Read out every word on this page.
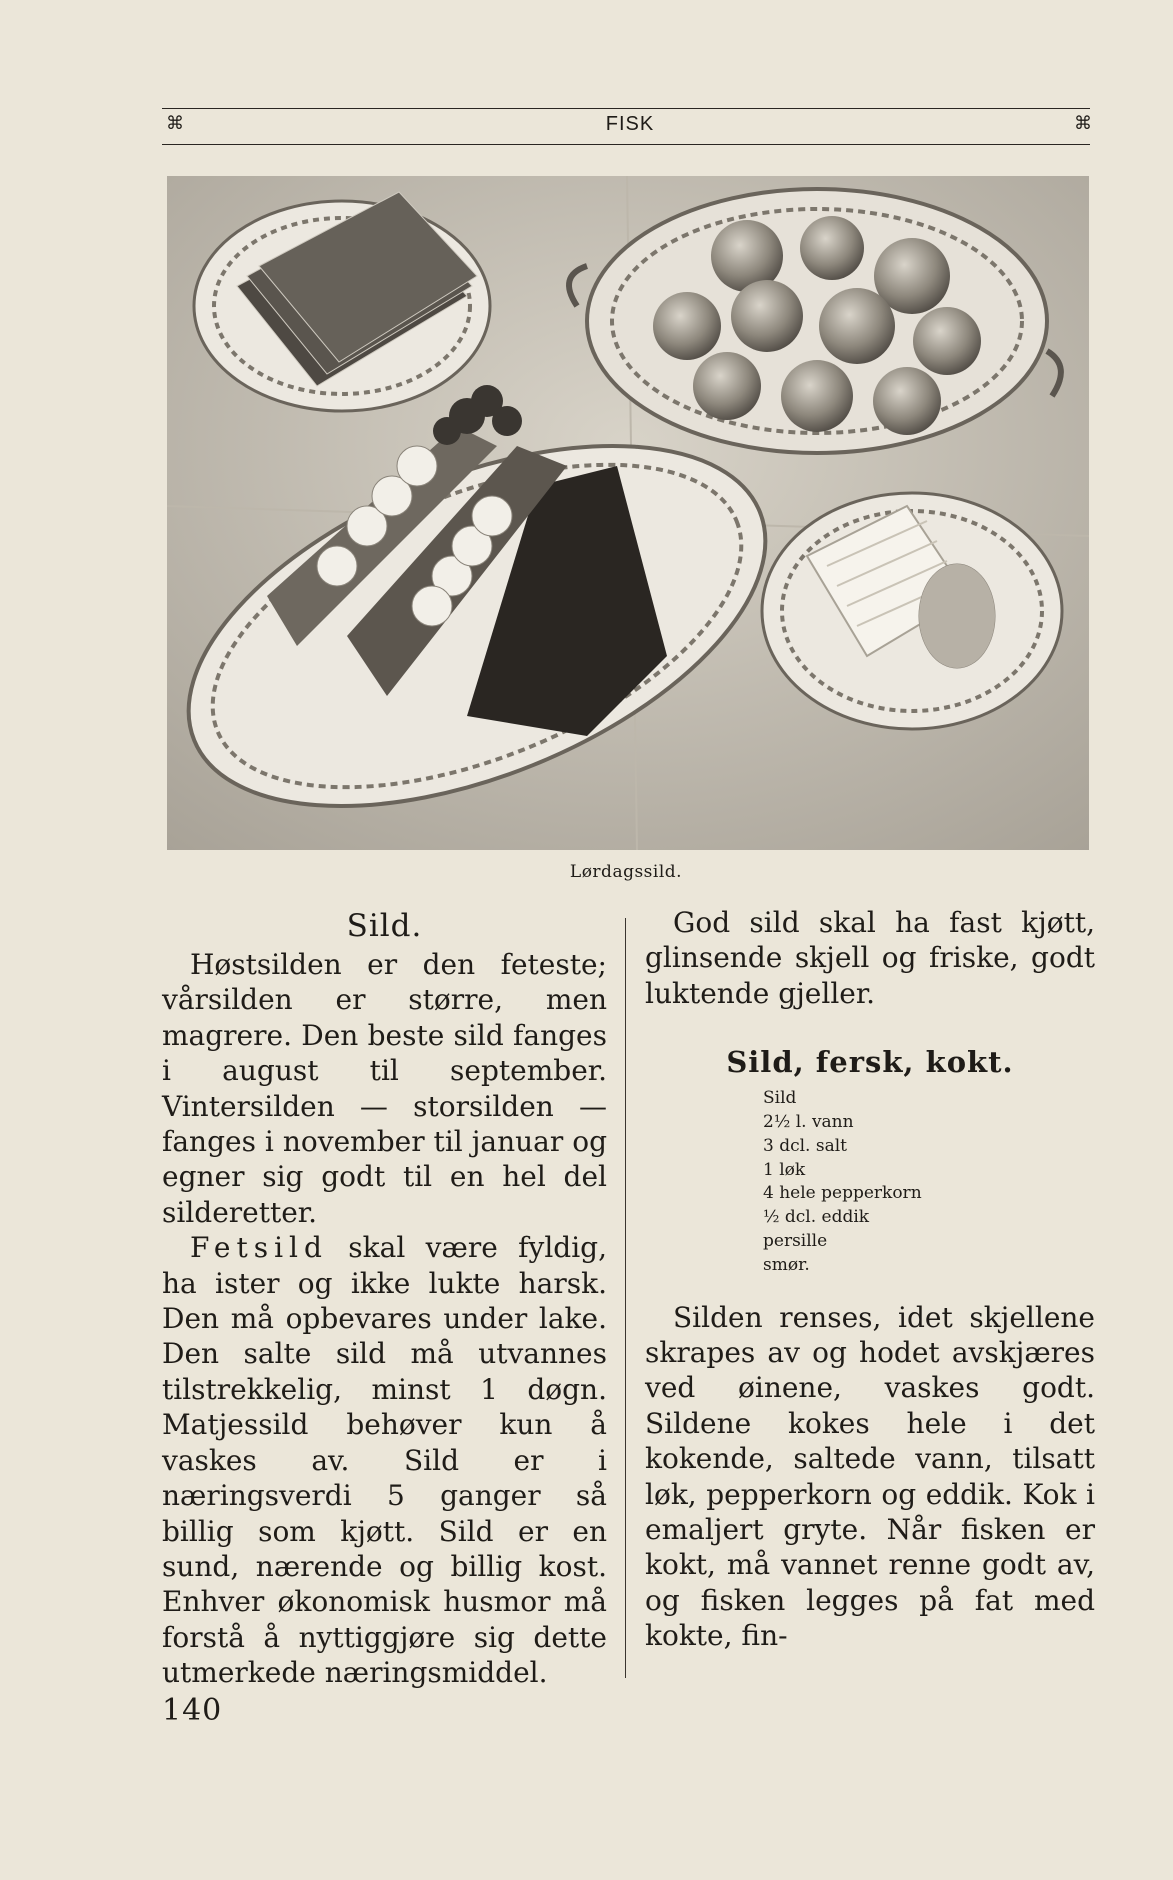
⌘	FISK	⌘
Lørdagssild.

Sild.

Høstsilden er den feteste; vårsilden er større, men magrere. Den beste sild fanges i august til september. Vintersilden — storsilden — fanges i november til januar og egner sig godt til en hel del silderetter.

Fetsild skal være fyldig, ha ister og ikke lukte harsk. Den må opbevares under lake. Den salte sild må utvannes tilstrekkelig, minst 1 døgn. Matjessild behøver kun å vaskes av. Sild er i næringsverdi 5 ganger så billig som kjøtt. Sild er en sund, nærende og billig kost. Enhver økonomisk husmor må forstå å nyttiggjøre sig dette utmerkede næringsmiddel.

God sild skal ha fast kjøtt, glinsende skjell og friske, godt luktende gjeller.

Sild, fersk, kokt.

Sild
2½ l. vann
3 dcl. salt
1 løk
4 hele pepperkorn
½ dcl. eddik
persille
smør.

Silden renses, idet skjellene skrapes av og hodet avskjæres ved øinene, vaskes godt. Sildene kokes hele i det kokende, saltede vann, tilsatt løk, pepperkorn og eddik. Kok i emaljert gryte. Når fisken er kokt, må vannet renne godt av, og fisken legges på fat med kokte, fin-

140
